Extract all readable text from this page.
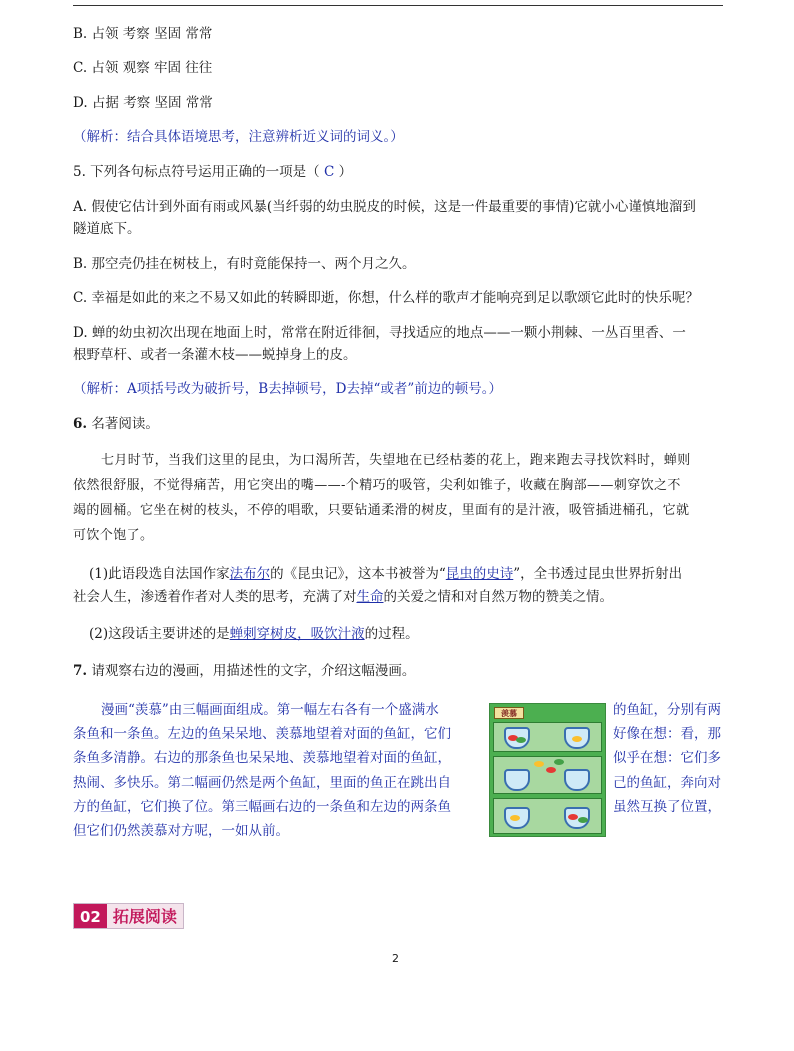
B. 占领 考察 坚固 常常
C. 占领 观察 牢固 往往
D. 占据 考察 坚固 常常
（解析：结合具体语境思考，注意辨析近义词的词义。）
5. 下列各句标点符号运用正确的一项是（ C ）
A. 假使它估计到外面有雨或风暴(当纤弱的幼虫脱皮的时候，这是一件最重要的事情)它就小心谨慎地溜到
隧道底下。
B. 那空壳仍挂在树枝上，有时竟能保持一、两个月之久。
C. 幸福是如此的来之不易又如此的转瞬即逝，你想，什么样的歌声才能响亮到足以歌颂它此时的快乐呢？
D. 蝉的幼虫初次出现在地面上时，常常在附近徘徊，寻找适应的地点——一颗小荆棘、一丛百里香、一
根野草杆、或者一条灌木枝——蜕掉身上的皮。
（解析：A项括号改为破折号，B去掉顿号，D去掉“或者”前边的顿号。）
6. 名著阅读。
七月时节，当我们这里的昆虫，为口渴所苦，失望地在已经枯萎的花上，跑来跑去寻找饮料时，蝉则
依然很舒服，不觉得痛苦，用它突出的嘴——-个精巧的吸管，尖利如锥子，收藏在胸部——刺穿饮之不
竭的圆桶。它坐在树的枝头，不停的唱歌，只要钻通柔滑的树皮，里面有的是汁液，吸管插进桶孔，它就
可饮个饱了。
(1)此语段选自法国作家法布尔的《昆虫记》，这本书被誉为“昆虫的史诗”，全书透过昆虫世界折射出
社会人生，渗透着作者对人类的思考，充满了对生命的关爱之情和对自然万物的赞美之情。
(2)这段话主要讲述的是蝉刺穿树皮，吸饮汁液的过程。
7. 请观察右边的漫画，用描述性的文字，介绍这幅漫画。
漫画“羡慕”由三幅画面组成。第一幅左右各有一个盛满水
条鱼和一条鱼。左边的鱼呆呆地、羡慕地望着对面的鱼缸，它们
条鱼多清静。右边的那条鱼也呆呆地、羡慕地望着对面的鱼缸，
热闹、多快乐。第二幅画仍然是两个鱼缸，里面的鱼正在跳出自
方的鱼缸，它们换了位。第三幅画右边的一条鱼和左边的两条鱼
但它们仍然羡慕对方呢，一如从前。
的鱼缸，分别有两
好像在想：看，那
似乎在想：它们多
己的鱼缸，奔向对
虽然互换了位置，
羡慕
02 拓展阅读
2
